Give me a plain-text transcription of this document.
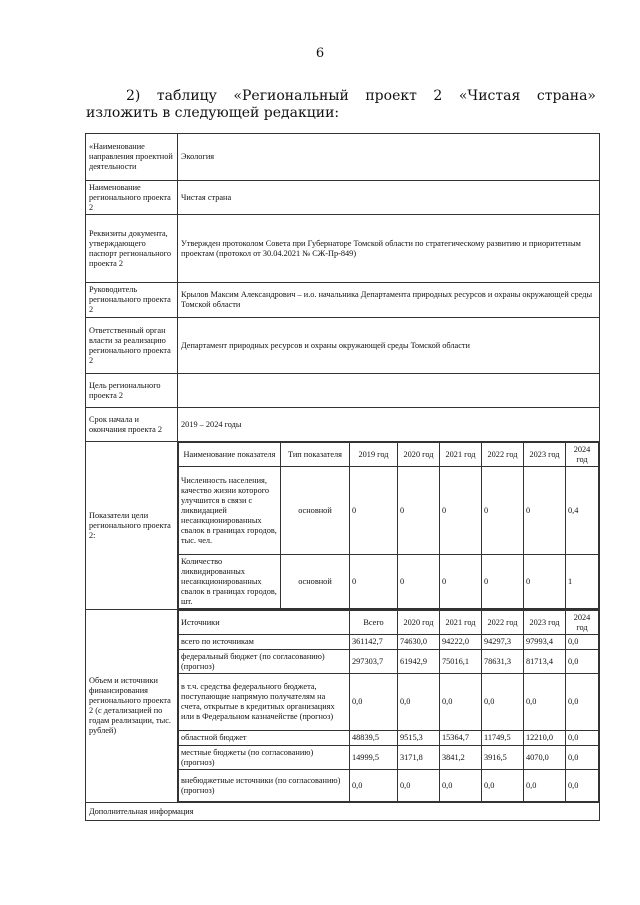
6
2) таблицу «Региональный проект 2 «Чистая страна» изложить в следующей редакции:
«Наименование направления проектной деятельности	Экология
Наименование регионального проекта 2	Чистая страна
Реквизиты документа, утверждающего паспорт регионального проекта 2	Утвержден протоколом Совета при Губернаторе Томской области по стратегическому развитию и приоритетным проектам (протокол от 30.04.2021 № СЖ-Пр-849)
Руководитель регионального проекта 2	Крылов Максим Александрович – и.о. начальника Департамента природных ресурсов и охраны окружающей среды Томской области
Ответственный орган власти за реализацию регионального проекта 2	Департамент природных ресурсов и охраны окружающей среды Томской области
Цель регионального проекта 2	
Срок начала и окончания проекта 2	2019 – 2024 годы
Показатели цели регионального проекта 2:	
Наименование показателя	Тип показателя	2019 год	2020 год	2021 год	2022 год	2023 год	2024 год
Численность населения, качество жизни которого улучшится в связи с ликвидацией несанкционированных свалок в границах городов, тыс. чел.	основной	0	0	0	0	0	0,4
Количество ликвидированных несанкционированных свалок в границах городов, шт.	основной	0	0	0	0	0	1

Объем и источники финансирования регионального проекта 2 (с детализацией по годам реализации, тыс. рублей)	
Источники	Всего	2020 год	2021 год	2022 год	2023 год	2024 год
всего по источникам	361142,7	74630,0	94222,0	94297,3	97993,4	0,0
федеральный бюджет (по согласованию) (прогноз)	297303,7	61942,9	75016,1	78631,3	81713,4	0,0
в т.ч. средства федерального бюджета, поступающие напрямую получателям на счета, открытые в кредитных организациях или в Федеральном казначействе (прогноз)	0,0	0,0	0,0	0,0	0,0	0,0
областной бюджет	48839,5	9515,3	15364,7	11749,5	12210,0	0,0
местные бюджеты (по согласованию) (прогноз)	14999,5	3171,8	3841,2	3916,5	4070,0	0,0
внебюджетные источники (по согласованию) (прогноз)	0,0	0,0	0,0	0,0	0,0	0,0

Дополнительная информация
